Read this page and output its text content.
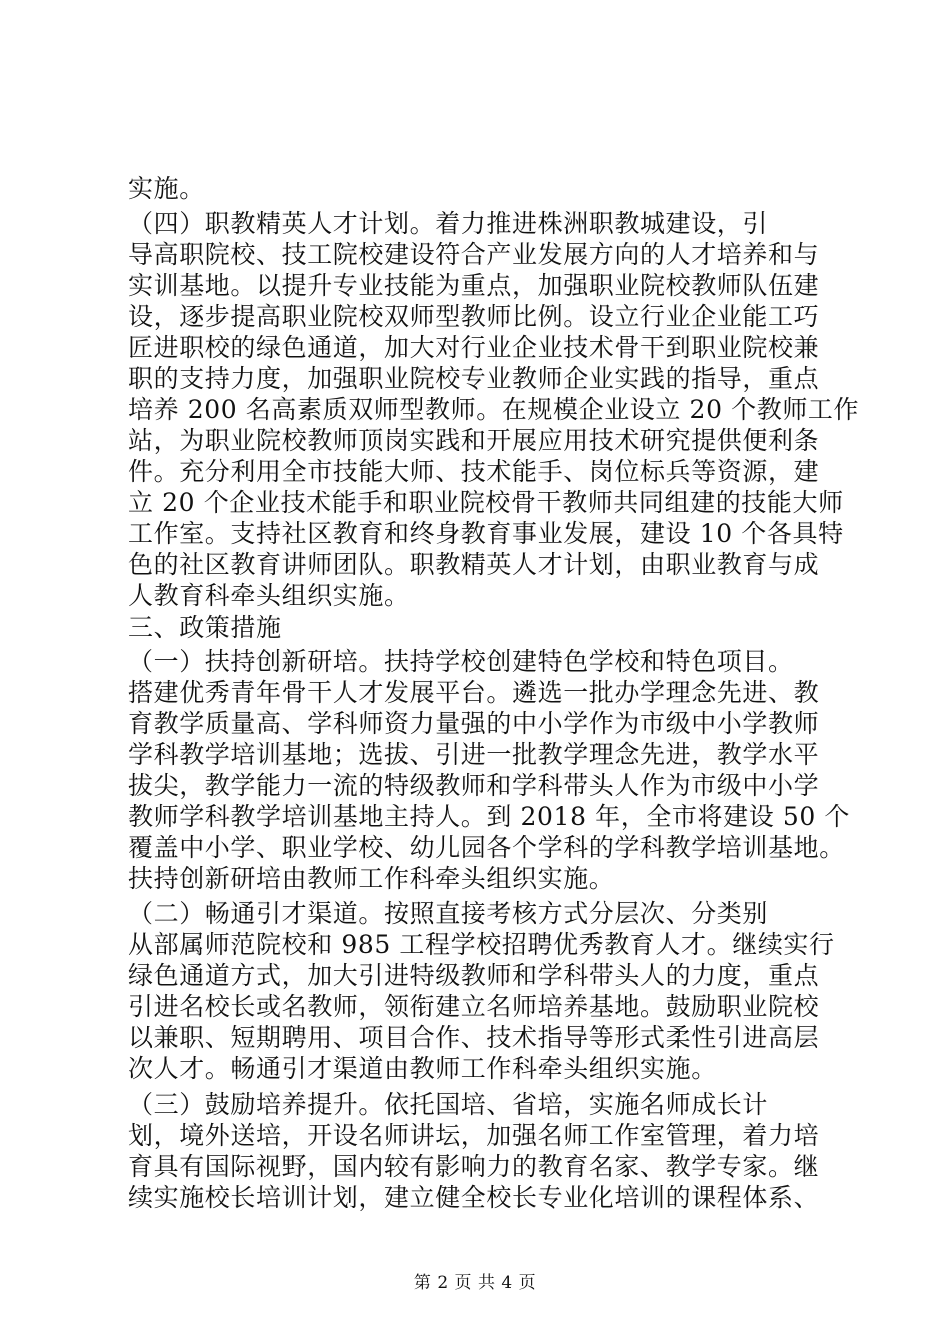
实施。
（四）职教精英人才计划。着力推进株洲职教城建设，引
导高职院校、技工院校建设符合产业发展方向的人才培养和与
实训基地。以提升专业技能为重点，加强职业院校教师队伍建
设，逐步提高职业院校双师型教师比例。设立行业企业能工巧
匠进职校的绿色通道，加大对行业企业技术骨干到职业院校兼
职的支持力度，加强职业院校专业教师企业实践的指导，重点
培养 200 名高素质双师型教师。在规模企业设立 20 个教师工作
站，为职业院校教师顶岗实践和开展应用技术研究提供便利条
件。充分利用全市技能大师、技术能手、岗位标兵等资源，建
立 20 个企业技术能手和职业院校骨干教师共同组建的技能大师
工作室。支持社区教育和终身教育事业发展，建设 10 个各具特
色的社区教育讲师团队。职教精英人才计划，由职业教育与成
人教育科牵头组织实施。
三、政策措施
（一）扶持创新研培。扶持学校创建特色学校和特色项目。
搭建优秀青年骨干人才发展平台。遴选一批办学理念先进、教
育教学质量高、学科师资力量强的中小学作为市级中小学教师
学科教学培训基地；选拔、引进一批教学理念先进，教学水平
拔尖，教学能力一流的特级教师和学科带头人作为市级中小学
教师学科教学培训基地主持人。到 2018 年，全市将建设 50 个
覆盖中小学、职业学校、幼儿园各个学科的学科教学培训基地。
扶持创新研培由教师工作科牵头组织实施。
（二）畅通引才渠道。按照直接考核方式分层次、分类别
从部属师范院校和 985 工程学校招聘优秀教育人才。继续实行
绿色通道方式，加大引进特级教师和学科带头人的力度，重点
引进名校长或名教师，领衔建立名师培养基地。鼓励职业院校
以兼职、短期聘用、项目合作、技术指导等形式柔性引进高层
次人才。畅通引才渠道由教师工作科牵头组织实施。
（三）鼓励培养提升。依托国培、省培，实施名师成长计
划，境外送培，开设名师讲坛，加强名师工作室管理，着力培
育具有国际视野，国内较有影响力的教育名家、教学专家。继
续实施校长培训计划，建立健全校长专业化培训的课程体系、
第 2 页 共 4 页
